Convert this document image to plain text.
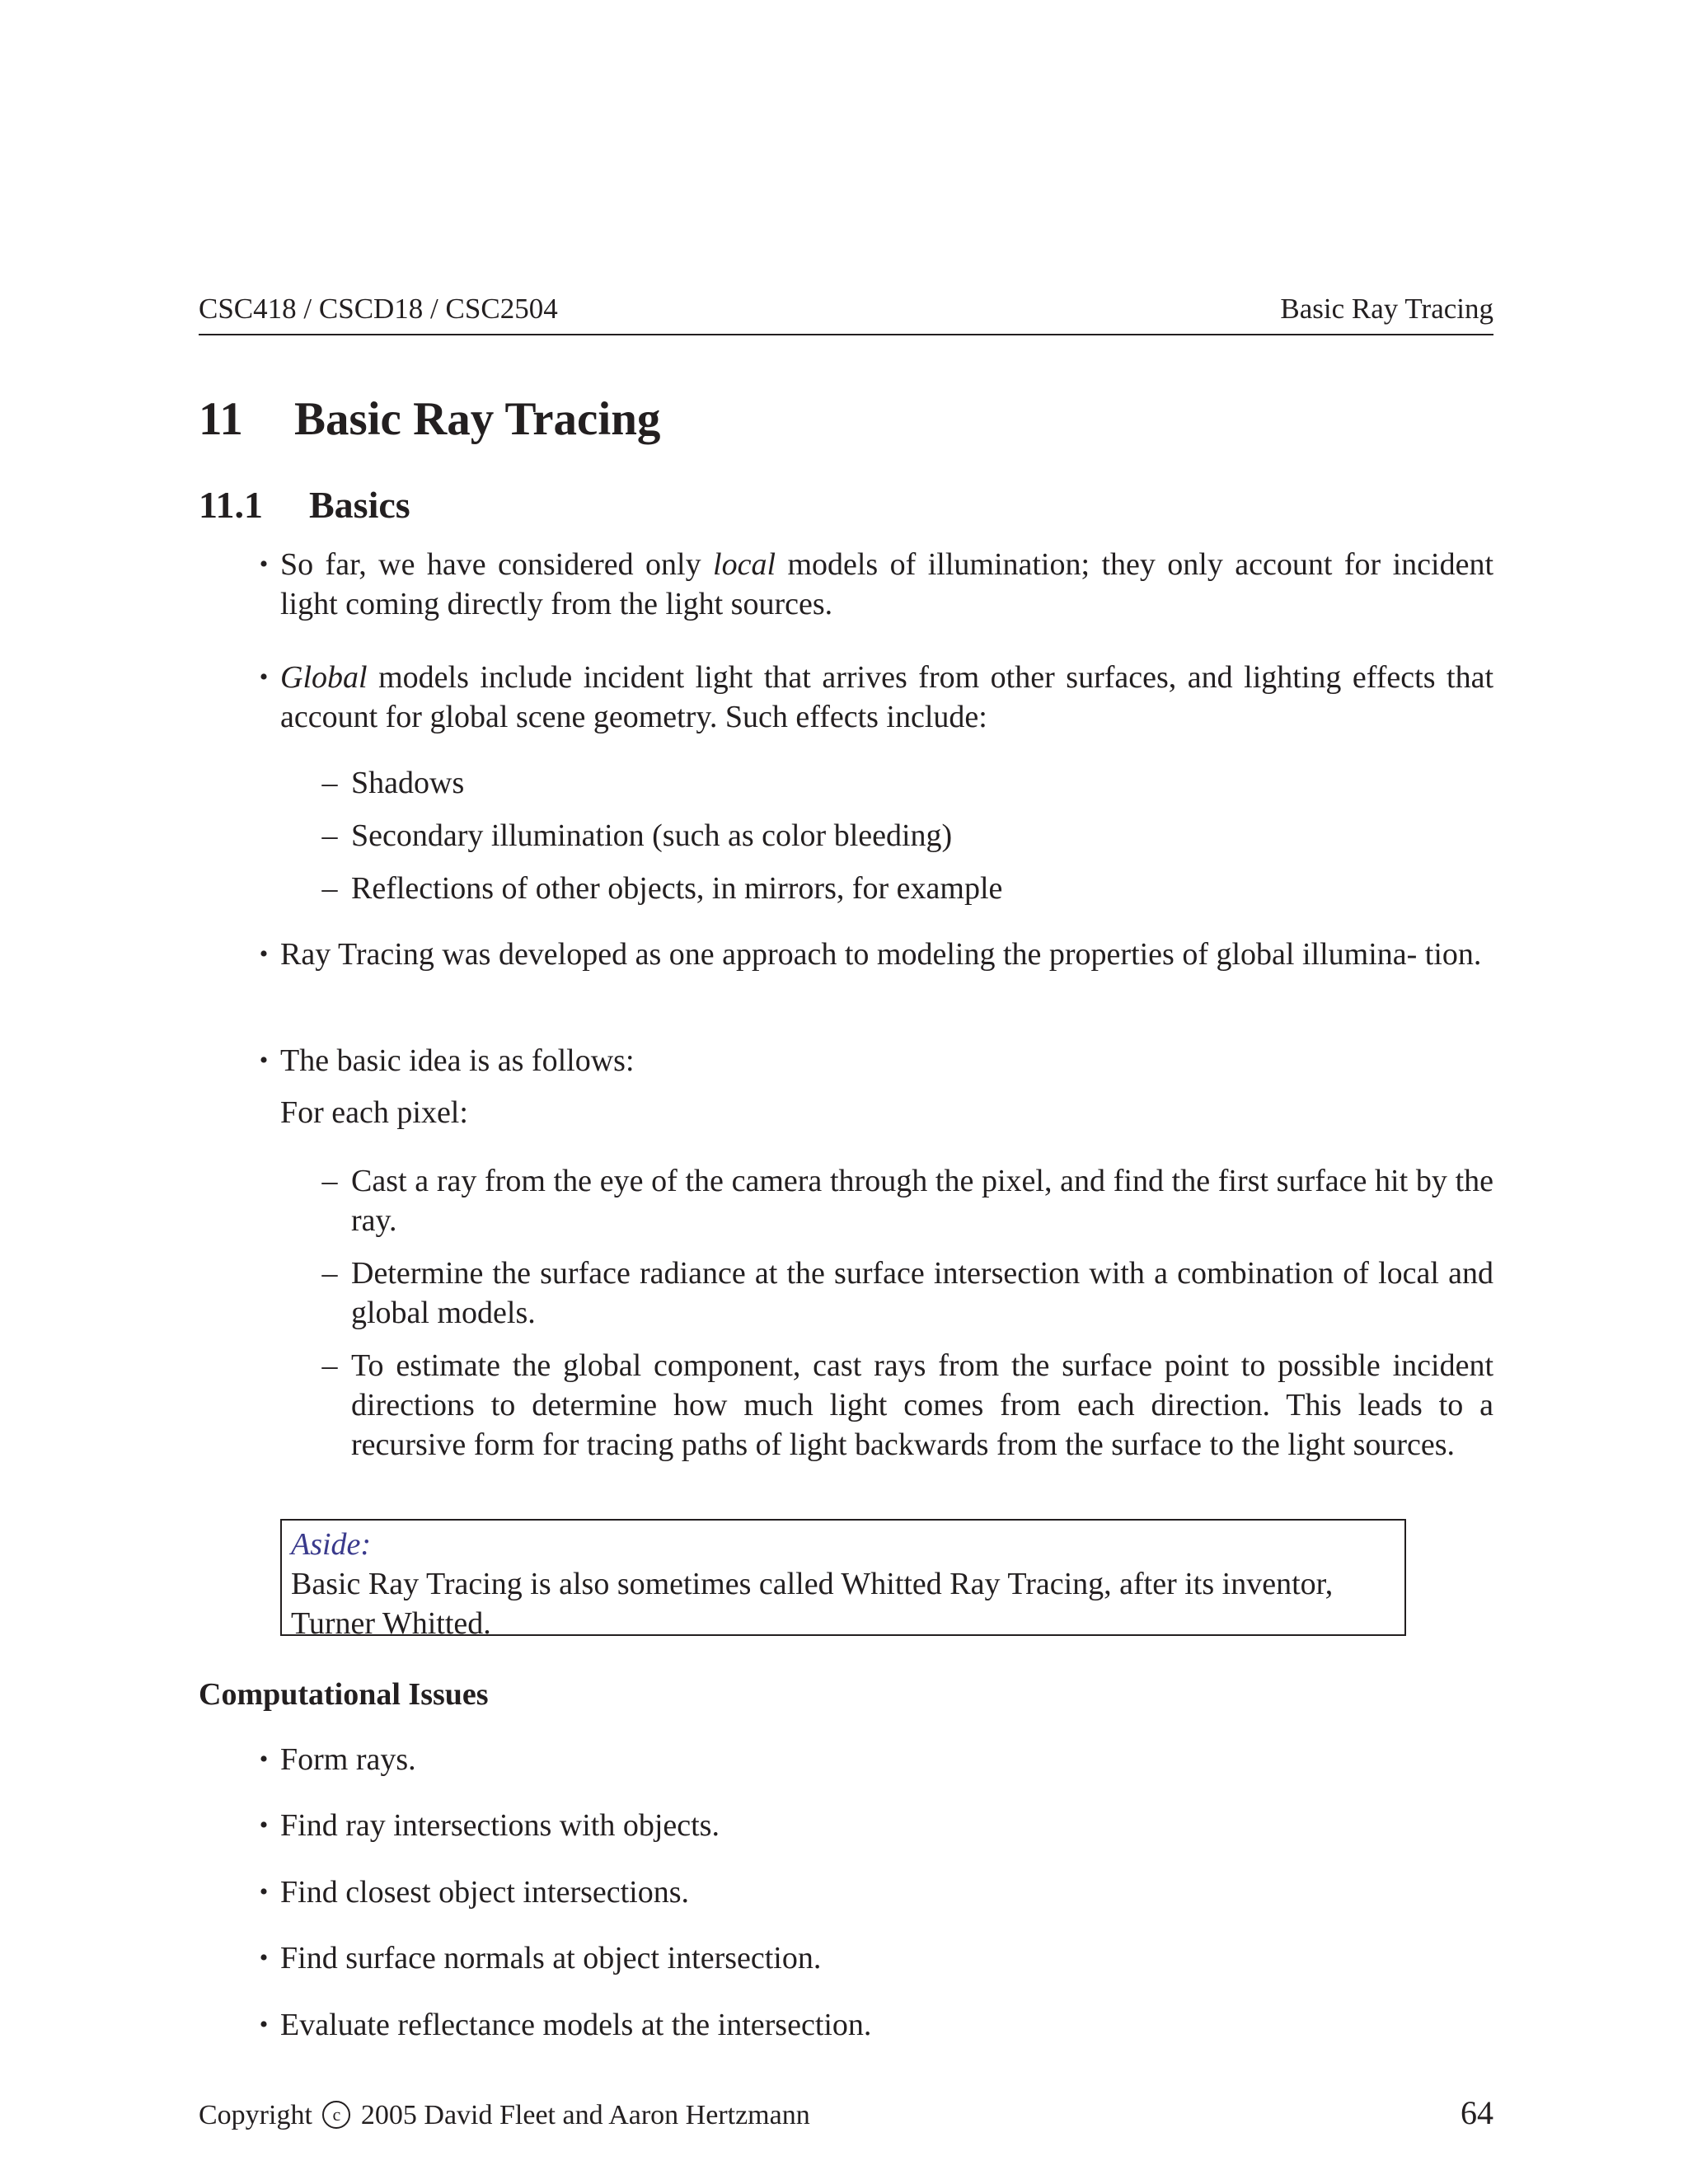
CSC418 / CSCD18 / CSC2504	Basic Ray Tracing
11 Basic Ray Tracing
11.1 Basics
• So far, we have considered only local models of illumination; they only account for incident light coming directly from the light sources.
• Global models include incident light that arrives from other surfaces, and lighting effects that account for global scene geometry. Such effects include:
– Shadows
– Secondary illumination (such as color bleeding)
– Reflections of other objects, in mirrors, for example
• Ray Tracing was developed as one approach to modeling the properties of global illumina- tion.
• The basic idea is as follows:
For each pixel:
– Cast a ray from the eye of the camera through the pixel, and find the first surface hit by the ray.
– Determine the surface radiance at the surface intersection with a combination of local and global models.
– To estimate the global component, cast rays from the surface point to possible incident directions to determine how much light comes from each direction. This leads to a recursive form for tracing paths of light backwards from the surface to the light sources.
Aside:
Basic Ray Tracing is also sometimes called Whitted Ray Tracing, after its inventor, Turner Whitted.
Computational Issues
• Form rays.
• Find ray intersections with objects.
• Find closest object intersections.
• Find surface normals at object intersection.
• Evaluate reflectance models at the intersection.
Copyright c 2005 David Fleet and Aaron Hertzmann	64
